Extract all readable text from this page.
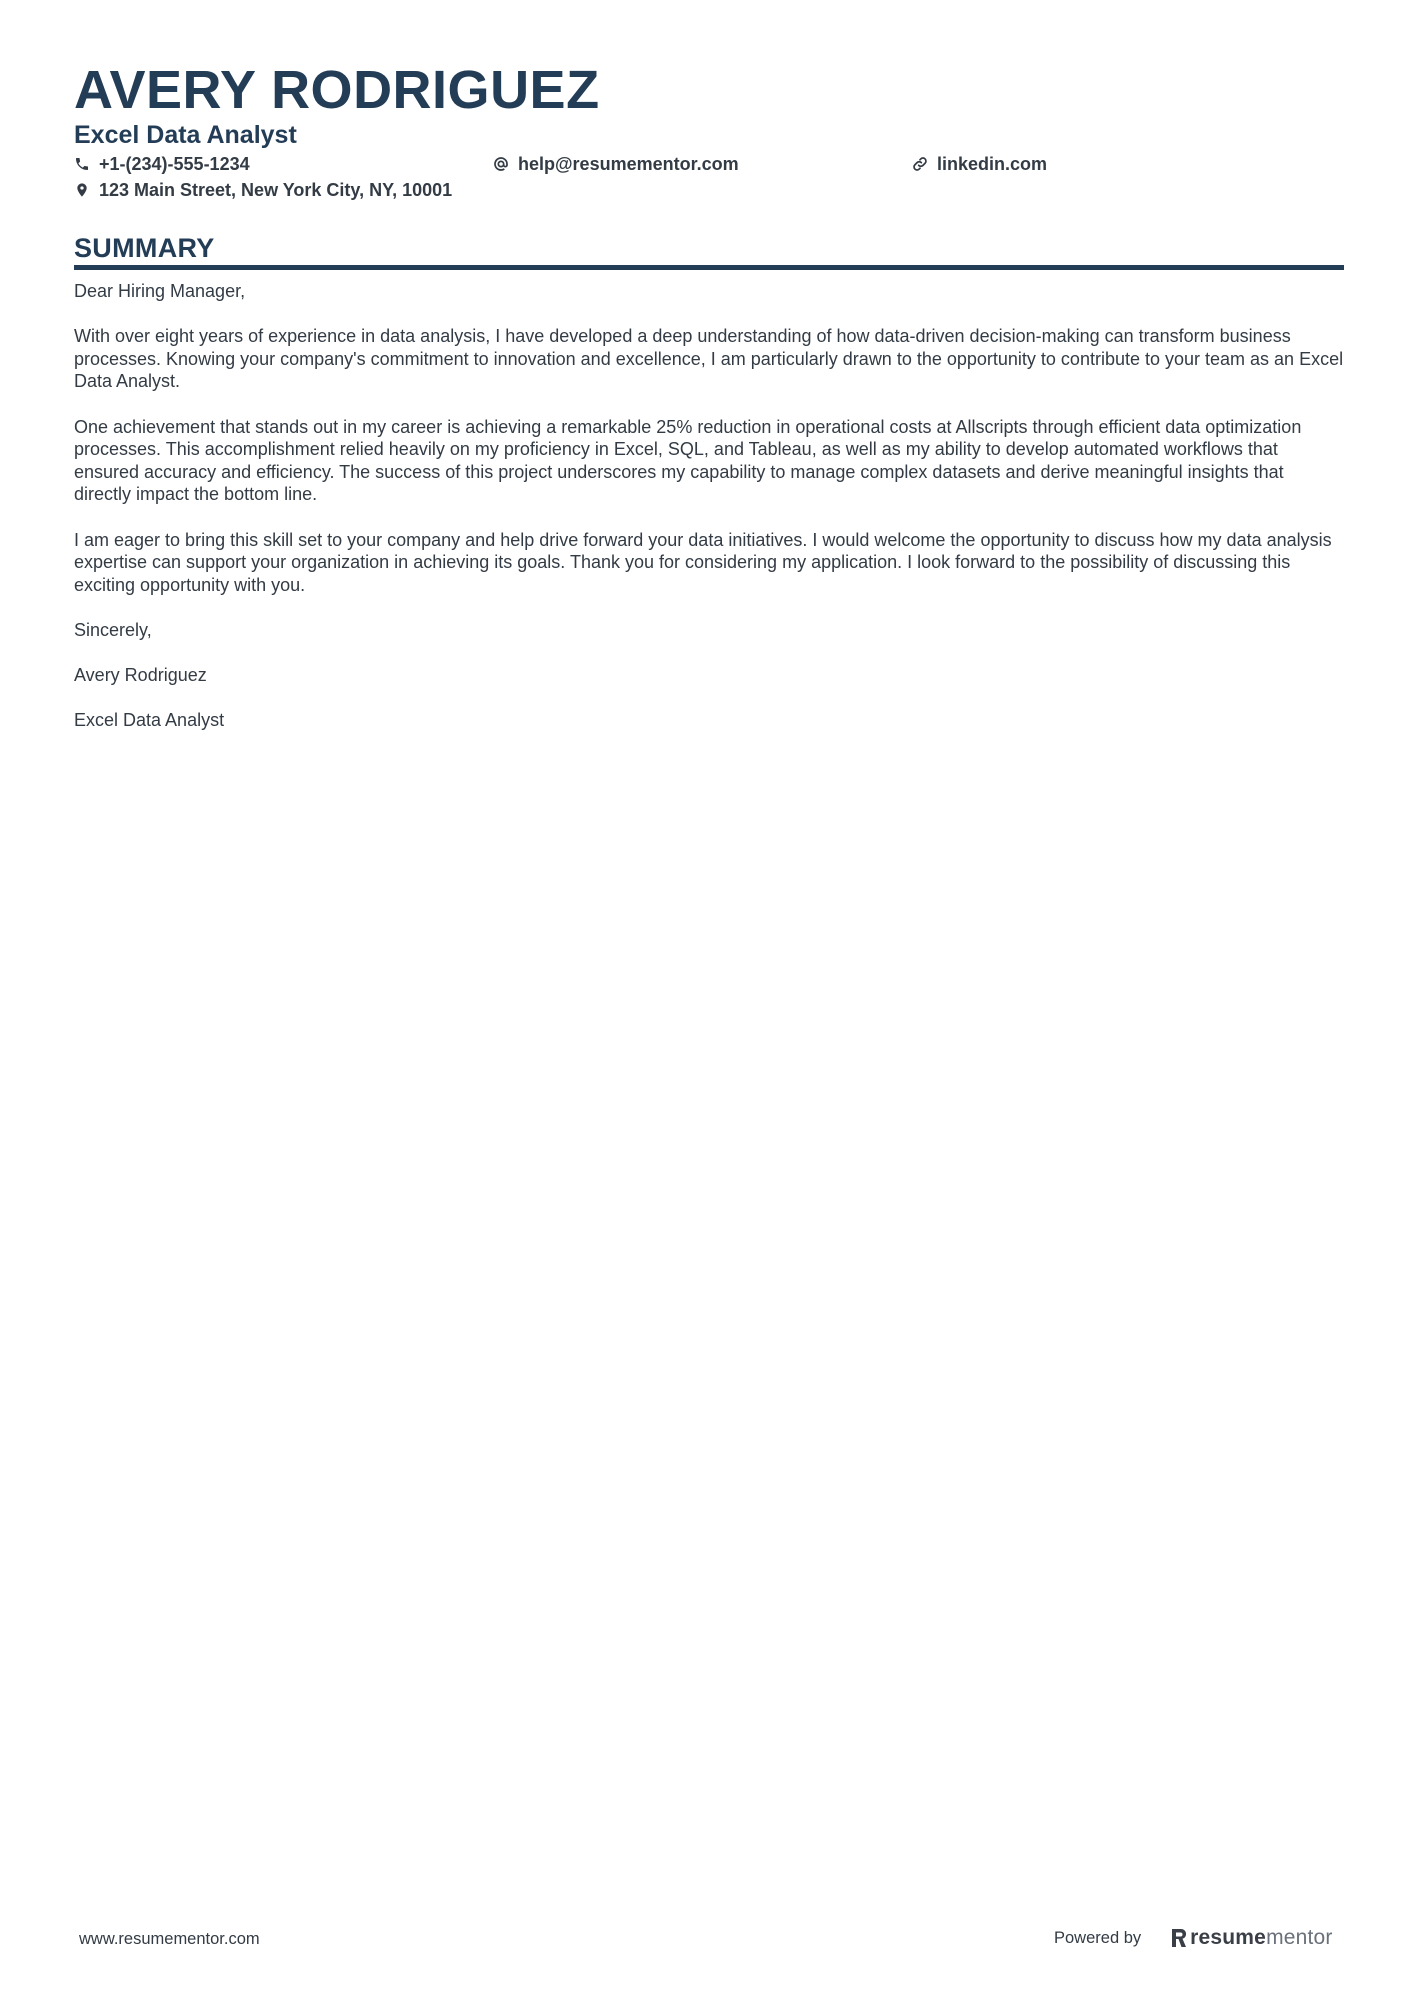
AVERY RODRIGUEZ
Excel Data Analyst
+1-(234)-555-1234	help@resumementor.com	linkedin.com
123 Main Street, New York City, NY, 10001
SUMMARY

Dear Hiring Manager,

With over eight years of experience in data analysis, I have developed a deep understanding of how data-driven decision-making can transform business processes. Knowing your company's commitment to innovation and excellence, I am particularly drawn to the opportunity to contribute to your team as an Excel Data Analyst.

One achievement that stands out in my career is achieving a remarkable 25% reduction in operational costs at Allscripts through efficient data optimization processes. This accomplishment relied heavily on my proficiency in Excel, SQL, and Tableau, as well as my ability to develop automated workflows that ensured accuracy and efficiency. The success of this project underscores my capability to manage complex datasets and derive meaningful insights that directly impact the bottom line.

I am eager to bring this skill set to your company and help drive forward your data initiatives. I would welcome the opportunity to discuss how my data analysis expertise can support your organization in achieving its goals. Thank you for considering my application. I look forward to the possibility of discussing this exciting opportunity with you.

Sincerely,

Avery Rodriguez

Excel Data Analyst

www.resumementor.com	Powered by resume mentor
